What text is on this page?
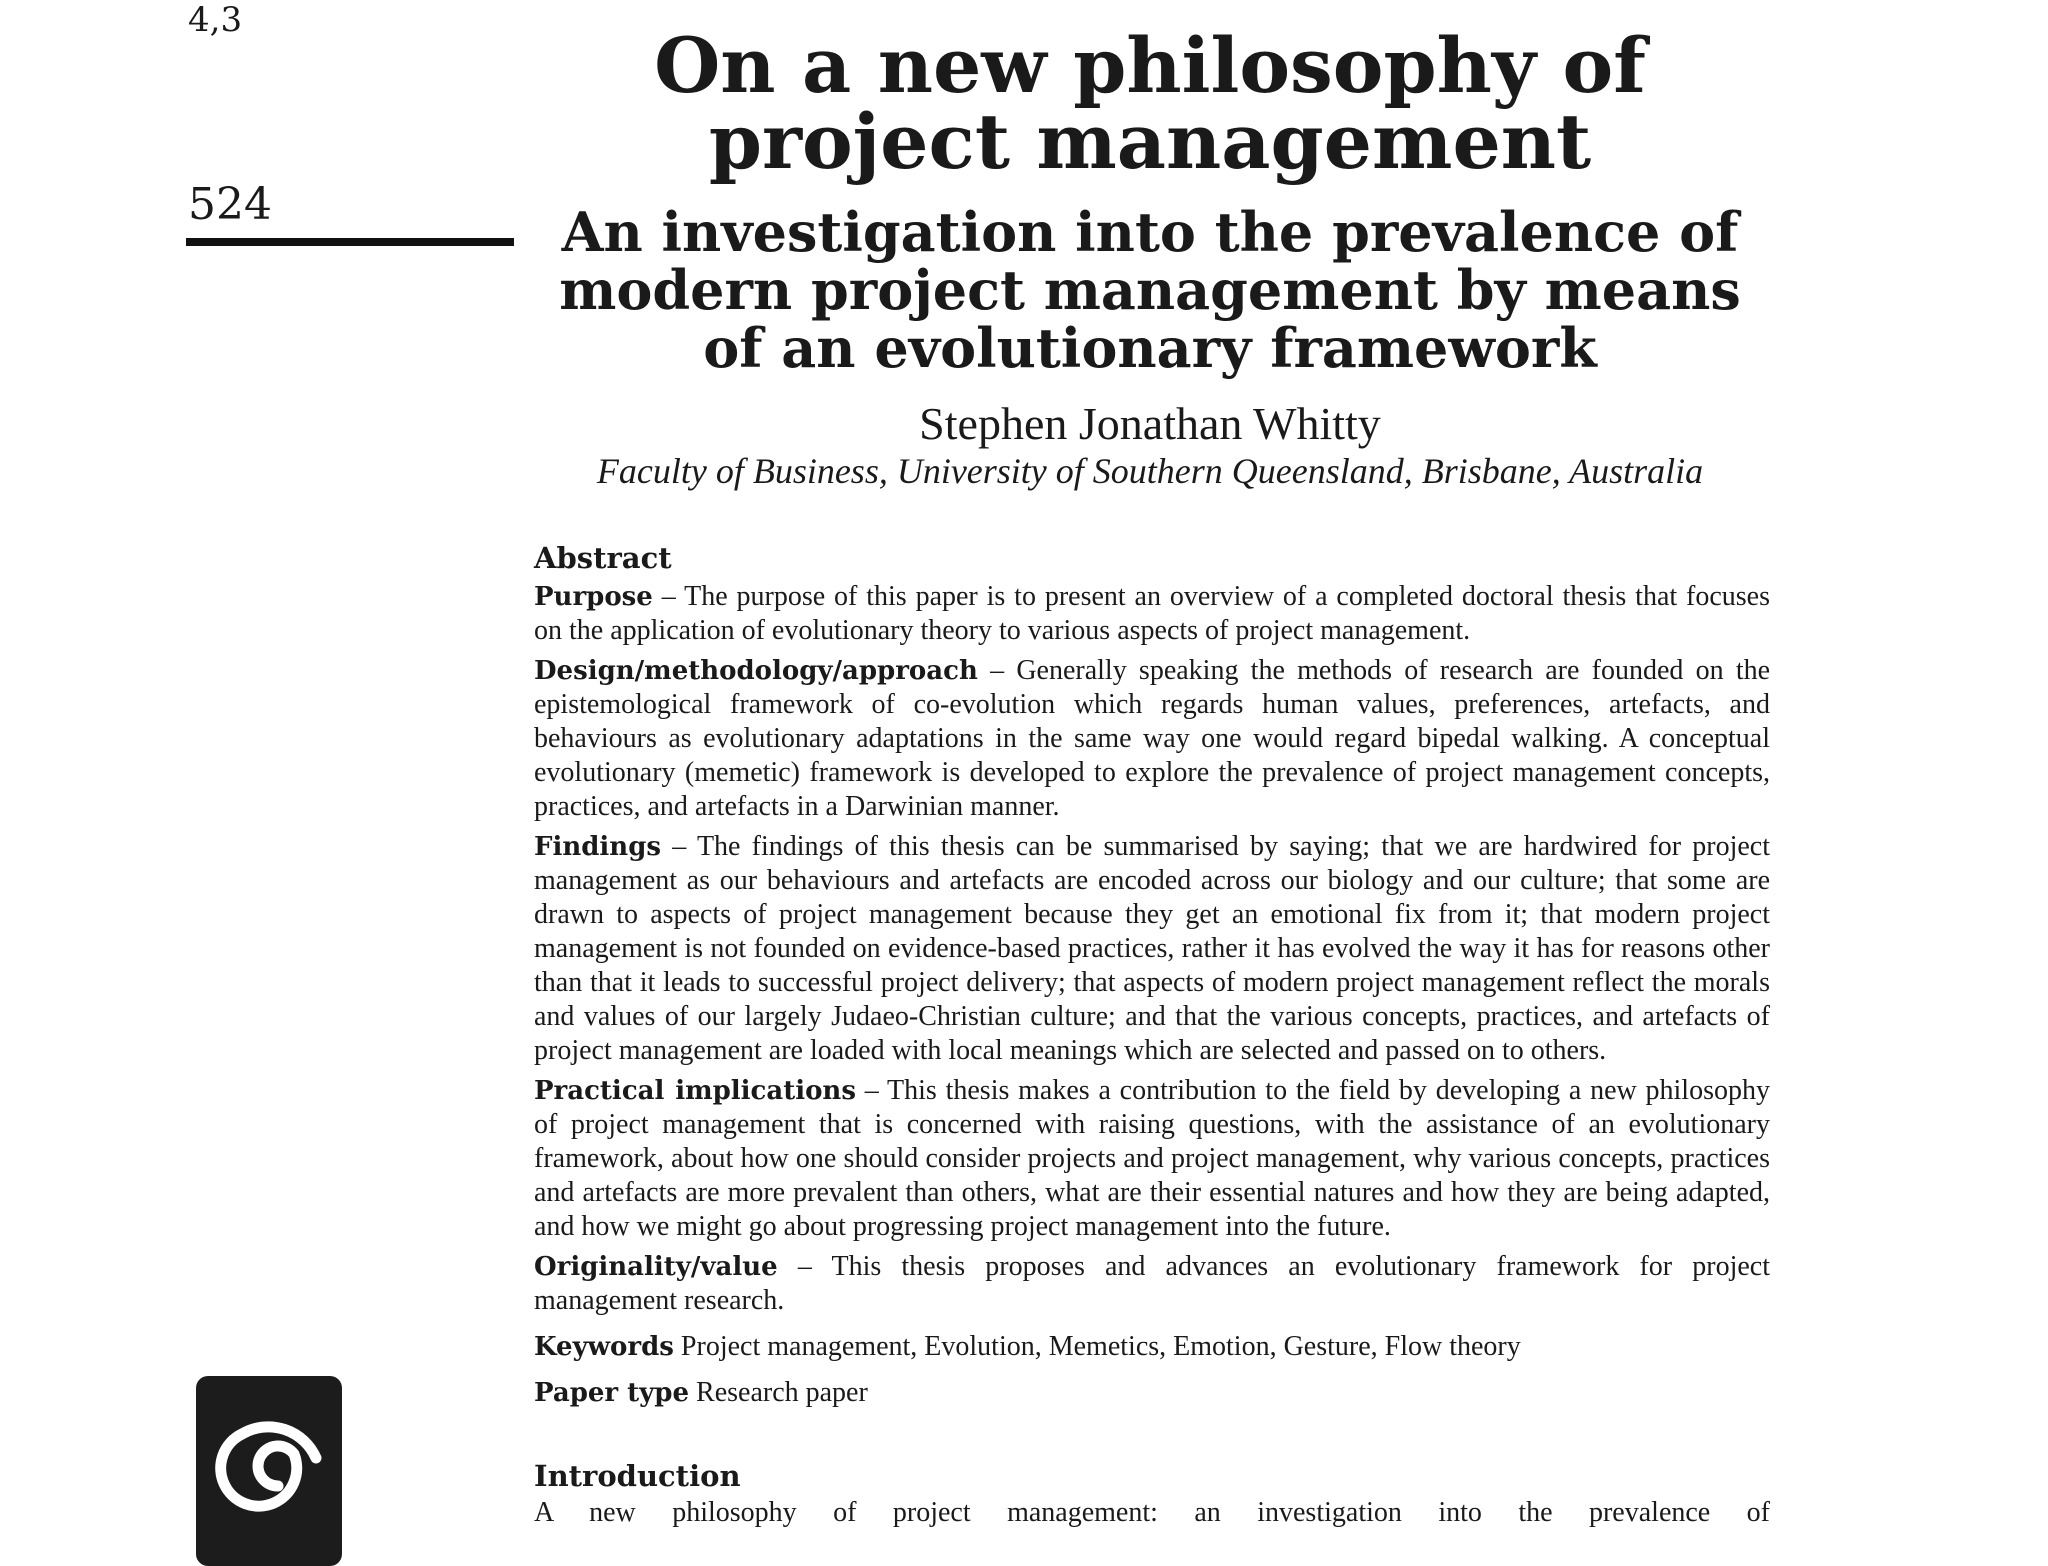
4,3
524
On a new philosophy of project management
An investigation into the prevalence of modern project management by means of an evolutionary framework
Stephen Jonathan Whitty
Faculty of Business, University of Southern Queensland, Brisbane, Australia
Abstract

Purpose – The purpose of this paper is to present an overview of a completed doctoral thesis that focuses on the application of evolutionary theory to various aspects of project management.

Design/methodology/approach – Generally speaking the methods of research are founded on the epistemological framework of co-evolution which regards human values, preferences, artefacts, and behaviours as evolutionary adaptations in the same way one would regard bipedal walking. A conceptual evolutionary (memetic) framework is developed to explore the prevalence of project management concepts, practices, and artefacts in a Darwinian manner.

Findings – The findings of this thesis can be summarised by saying; that we are hardwired for project management as our behaviours and artefacts are encoded across our biology and our culture; that some are drawn to aspects of project management because they get an emotional fix from it; that modern project management is not founded on evidence-based practices, rather it has evolved the way it has for reasons other than that it leads to successful project delivery; that aspects of modern project management reflect the morals and values of our largely Judaeo-Christian culture; and that the various concepts, practices, and artefacts of project management are loaded with local meanings which are selected and passed on to others.

Practical implications – This thesis makes a contribution to the field by developing a new philosophy of project management that is concerned with raising questions, with the assistance of an evolutionary framework, about how one should consider projects and project management, why various concepts, practices and artefacts are more prevalent than others, what are their essential natures and how they are being adapted, and how we might go about progressing project management into the future.

Originality/value – This thesis proposes and advances an evolutionary framework for project management research.

Keywords Project management, Evolution, Memetics, Emotion, Gesture, Flow theory

Paper type Research paper

Introduction
A new philosophy of project management: an investigation into the prevalence of
